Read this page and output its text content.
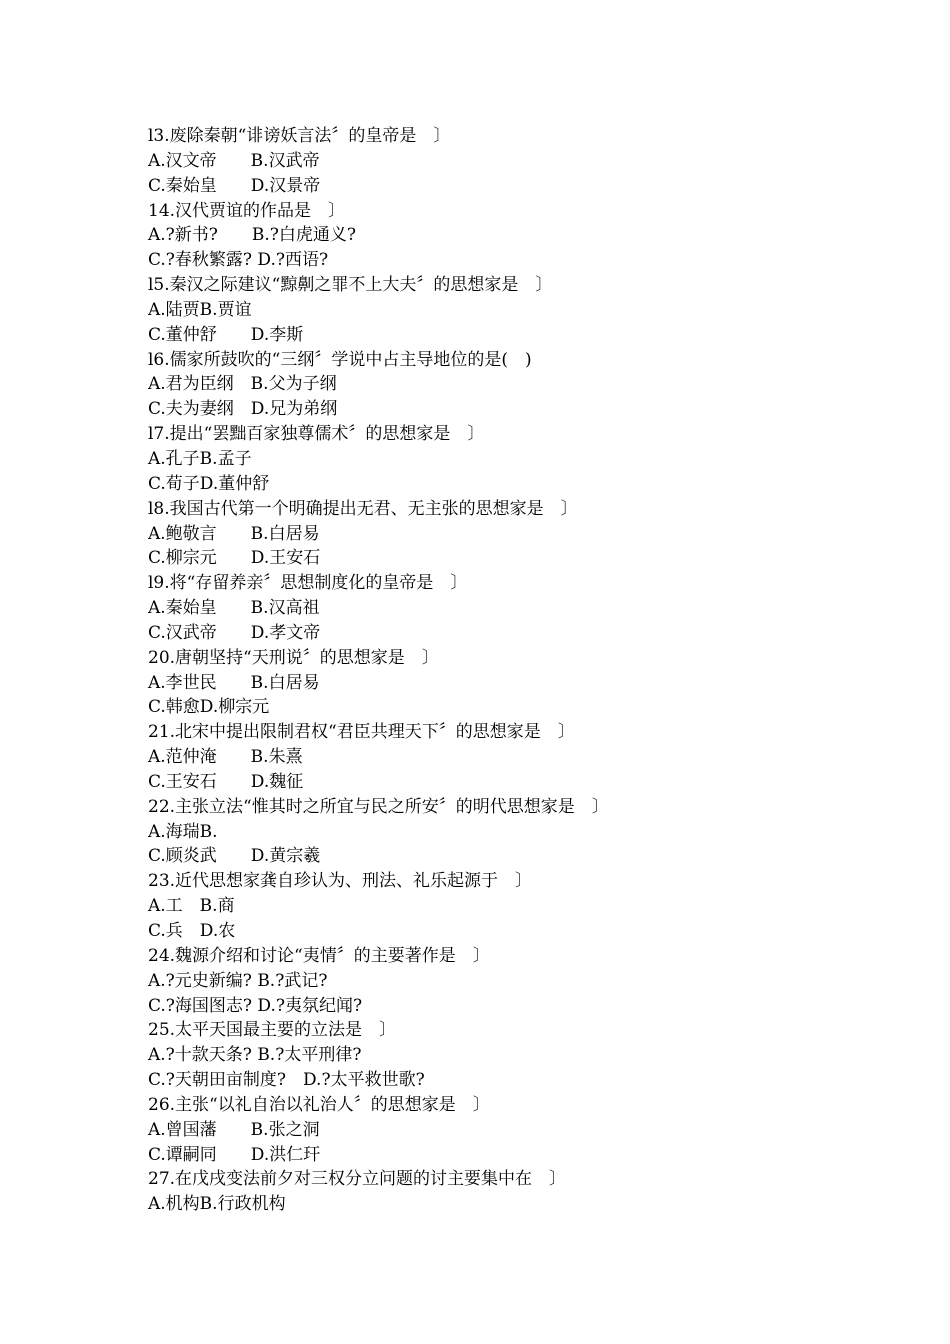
l3.废除秦朝“诽谤妖言法〞的皇帝是　〕
A.汉文帝　　B.汉武帝
C.秦始皇　　D.汉景帝
14.汉代贾谊的作品是　〕
A.?新书?　　B.?白虎通义?
C.?春秋繁露? D.?西语?
l5.秦汉之际建议“黥劓之罪不上大夫〞的思想家是　〕
A.陆贾B.贾谊
C.董仲舒　　D.李斯
l6.儒家所鼓吹的“三纲〞学说中占主导地位的是(　)
A.君为臣纲　B.父为子纲
C.夫为妻纲　D.兄为弟纲
l7.提出“罢黜百家独尊儒术〞的思想家是　〕
A.孔子B.孟子
C.荀子D.董仲舒
l8.我国古代第一个明确提出无君、无主张的思想家是　〕
A.鲍敬言　　B.白居易
C.柳宗元　　D.王安石
l9.将“存留养亲〞思想制度化的皇帝是　〕
A.秦始皇　　B.汉高祖
C.汉武帝　　D.孝文帝
20.唐朝坚持“天刑说〞的思想家是　〕
A.李世民　　B.白居易
C.韩愈D.柳宗元
21.北宋中提出限制君权“君臣共理天下〞的思想家是　〕
A.范仲淹　　B.朱熹
C.王安石　　D.魏征
22.主张立法“惟其时之所宜与民之所安〞的明代思想家是　〕
A.海瑞B.
C.顾炎武　　D.黄宗羲
23.近代思想家龚自珍认为、刑法、礼乐起源于　〕
A.工　B.商
C.兵　D.农
24.魏源介绍和讨论“夷情〞的主要著作是　〕
A.?元史新编? B.?武记?
C.?海国图志? D.?夷氛纪闻?
25.太平天国最主要的立法是　〕
A.?十款天条? B.?太平刑律?
C.?天朝田亩制度?　D.?太平救世歌?
26.主张“以礼自治以礼治人〞的思想家是　〕
A.曾国藩　　B.张之洞
C.谭嗣同　　D.洪仁玕
27.在戊戌变法前夕对三权分立问题的讨主要集中在　〕
A.机构B.行政机构
